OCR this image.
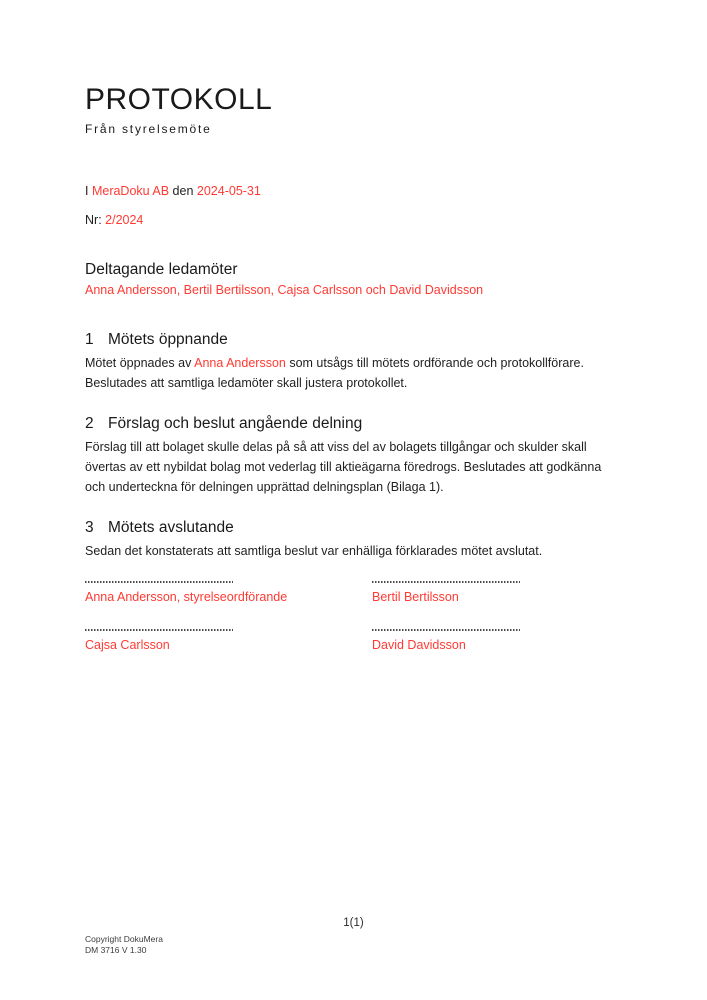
PROTOKOLL
Från styrelsemöte
I MeraDoku AB den 2024-05-31
Nr: 2/2024
Deltagande ledamöter
Anna Andersson, Bertil Bertilsson, Cajsa Carlsson och David Davidsson
1 Mötets öppnande

Mötet öppnades av Anna Andersson som utsågs till mötets ordförande och protokollförare. Beslutades att samtliga ledamöter skall justera protokollet.

2 Förslag och beslut angående delning

Förslag till att bolaget skulle delas på så att viss del av bolagets tillgångar och skulder skall övertas av ett nybildat bolag mot vederlag till aktieägarna föredrogs. Beslutades att godkänna och underteckna för delningen upprättad delningsplan (Bilaga 1).

3 Mötets avslutande

Sedan det konstaterats att samtliga beslut var enhälliga förklarades mötet avslutat.

Anna Andersson, styrelseordförande	Bertil Bertilsson
Cajsa Carlsson	David Davidsson
1(1)
Copyright DokuMera
DM 3716 V 1.30
